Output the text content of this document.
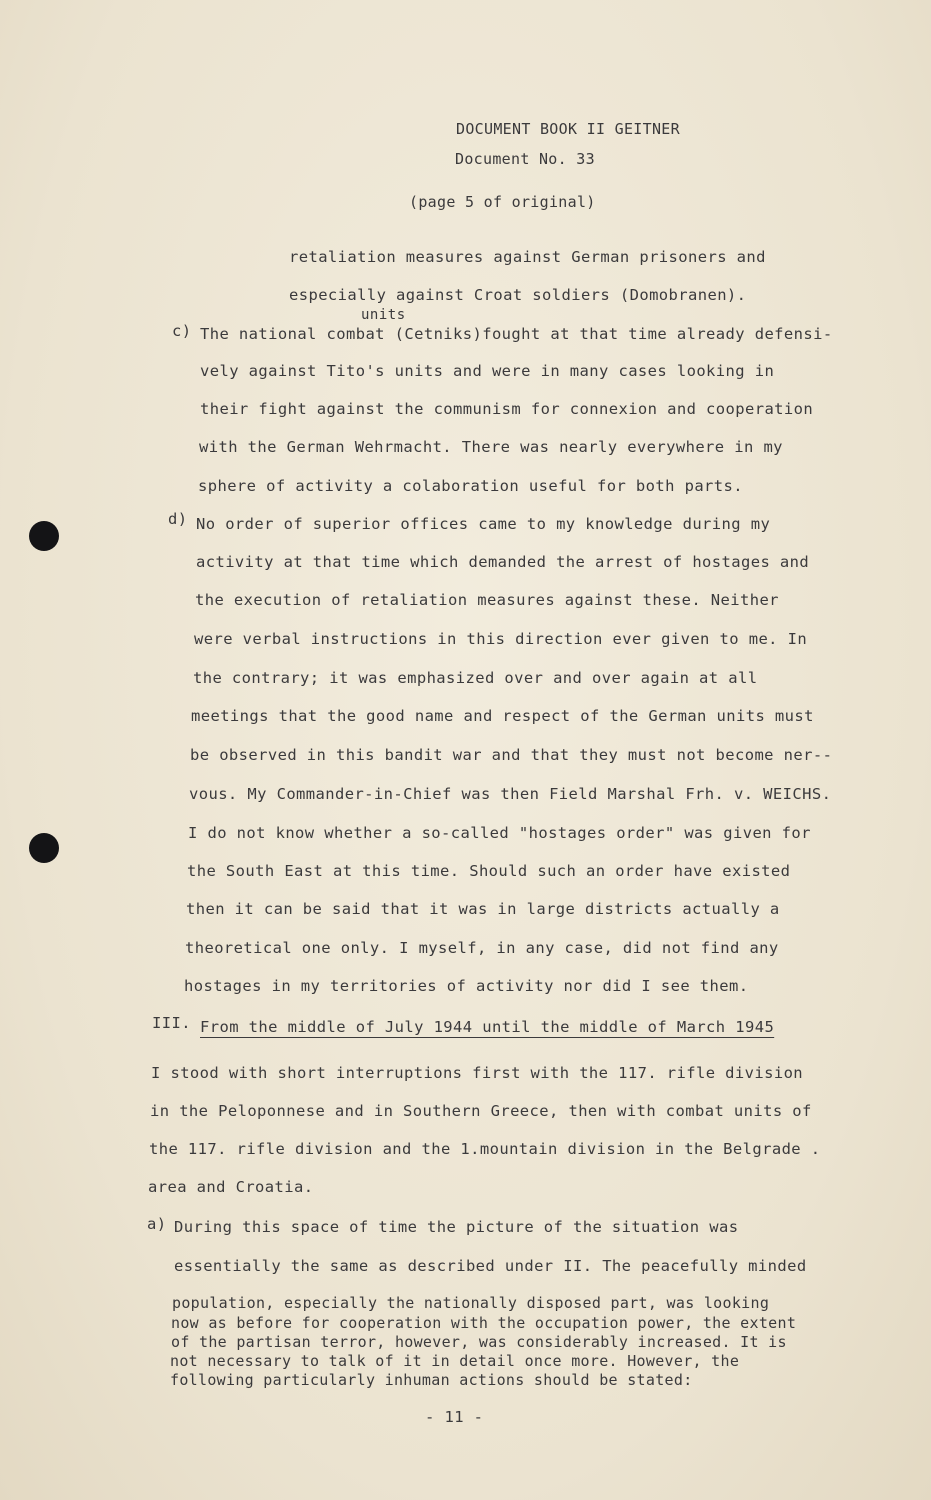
DOCUMENT BOOK II GEITNER
Document No. 33
(page 5 of original)
retaliation measures against German prisoners and
especially against Croat soldiers (Domobranen).
units
c) The national combat (Cetniks)fought at that time already defensi-
vely against Tito's units and were in many cases looking in
their fight against the communism for connexion and cooperation
with the German Wehrmacht. There was nearly everywhere in my
sphere of activity a colaboration useful for both parts.
d) No order of superior offices came to my knowledge during my
activity at that time which demanded the arrest of hostages and
the execution of retaliation measures against these. Neither
were verbal instructions in this direction ever given to me. In
the contrary; it was emphasized over and over again at all
meetings that the good name and respect of the German units must
be observed in this bandit war and that they must not become ner--
vous. My Commander-in-Chief was then Field Marshal Frh. v. WEICHS.
I do not know whether a so-called "hostages order" was given for
the South East at this time. Should such an order have existed
then it can be said that it was in large districts actually a
theoretical one only. I myself, in any case, did not find any
hostages in my territories of activity nor did I see them.
III. From the middle of July 1944 until the middle of March 1945
I stood with short interruptions first with the 117. rifle division
in the Peloponnese and in Southern Greece, then with combat units of
the 117. rifle division and the 1.mountain division in the Belgrade .
area and Croatia.
a) During this space of time the picture of the situation was
essentially the same as described under II. The peacefully minded
population, especially the nationally disposed part, was looking
now as before for cooperation with the occupation power, the extent
of the partisan terror, however, was considerably increased. It is
not necessary to talk of it in detail once more. However, the
following particularly inhuman actions should be stated:
- 11 -
